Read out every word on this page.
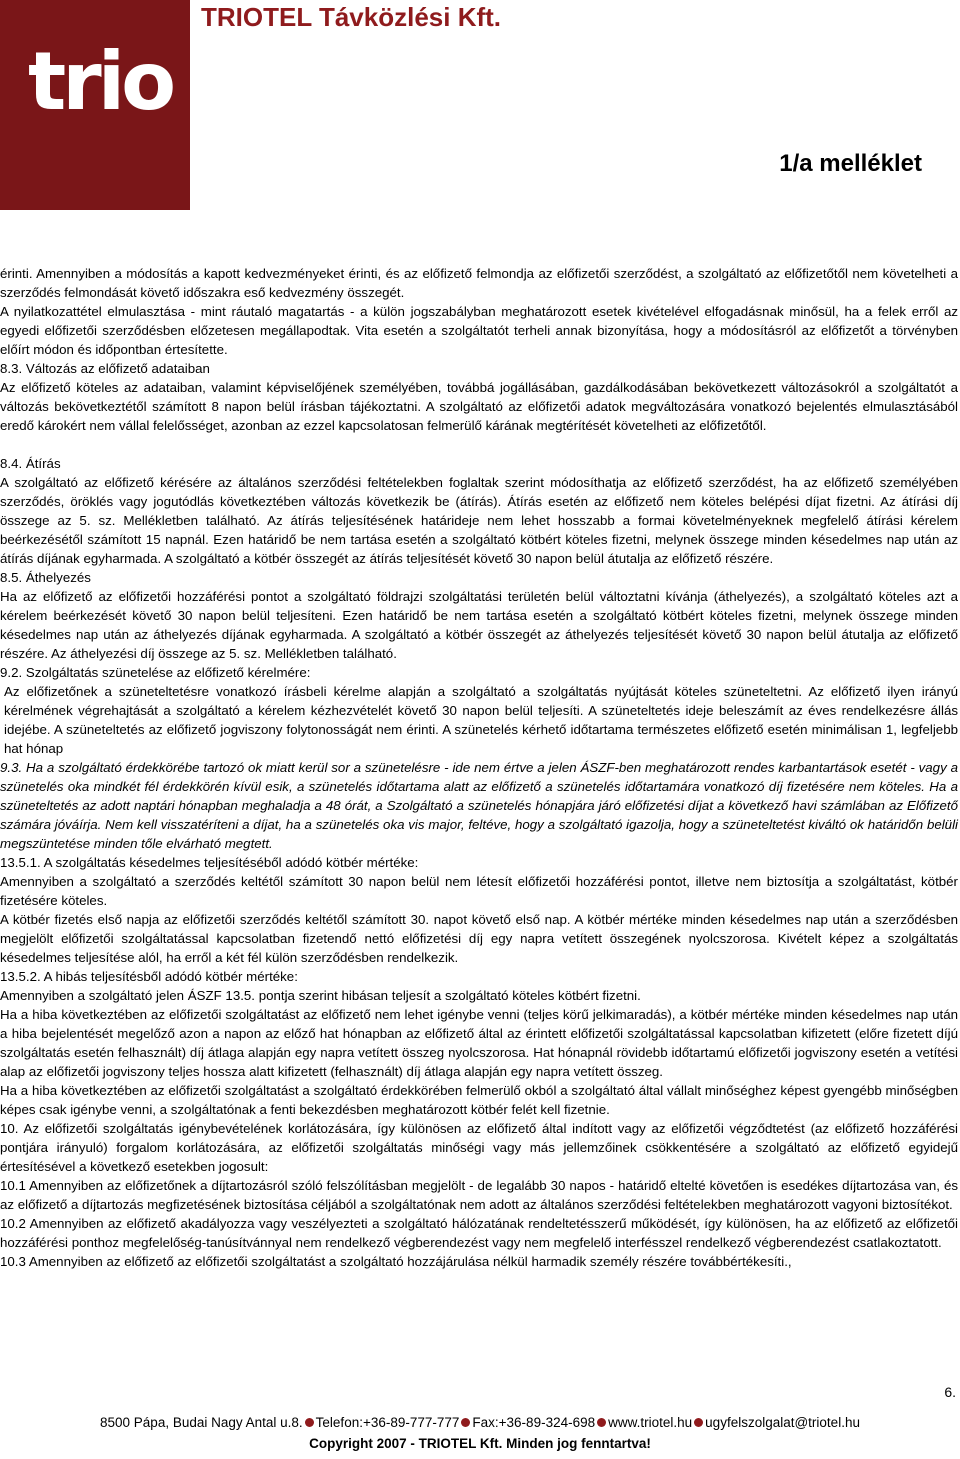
trio
TRIOTEL Távközlési Kft.
1/a melléklet

érinti. Amennyiben a módosítás a kapott kedvezményeket érinti, és az előfizető felmondja az előfizetői szerződést, a szolgáltató az előfizetőtől nem követelheti a szerződés felmondását követő időszakra eső kedvezmény összegét.

A nyilatkozattétel elmulasztása - mint ráutaló magatartás - a külön jogszabályban meghatározott esetek kivételével elfogadásnak minősül, ha a felek erről az egyedi előfizetői szerződésben előzetesen megállapodtak. Vita esetén a szolgáltatót terheli annak bizonyítása, hogy a módosításról az előfizetőt a törvényben előírt módon és időpontban értesítette.

8.3. Változás az előfizető adataiban

Az előfizető köteles az adataiban, valamint képviselőjének személyében, továbbá jogállásában, gazdálkodásában bekövetkezett változásokról a szolgáltatót a változás bekövetkeztétől számított 8 napon belül írásban tájékoztatni. A szolgáltató az előfizetői adatok megváltozására vonatkozó bejelentés elmulasztásából eredő károkért nem vállal felelősséget, azonban az ezzel kapcsolatosan felmerülő kárának megtérítését követelheti az előfizetőtől.

8.4. Átírás

A szolgáltató az előfizető kérésére az általános szerződési feltételekben foglaltak szerint módosíthatja az előfizető szerződést, ha az előfizető személyében szerződés, öröklés vagy jogutódlás következtében változás következik be (átírás). Átírás esetén az előfizető nem köteles belépési díjat fizetni. Az átírási díj összege az 5. sz. Mellékletben található. Az átírás teljesítésének határideje nem lehet hosszabb a formai követelményeknek megfelelő átírási kérelem beérkezésétől számított 15 napnál. Ezen határidő be nem tartása esetén a szolgáltató kötbért köteles fizetni, melynek összege minden késedelmes nap után az átírás díjának egyharmada. A szolgáltató a kötbér összegét az átírás teljesítését követő 30 napon belül átutalja az előfizető részére.

8.5. Áthelyezés

Ha az előfizető az előfizetői hozzáférési pontot a szolgáltató földrajzi szolgáltatási területén belül változtatni kívánja (áthelyezés), a szolgáltató köteles azt a kérelem beérkezését követő 30 napon belül teljesíteni. Ezen határidő be nem tartása esetén a szolgáltató kötbért köteles fizetni, melynek összege minden késedelmes nap után az áthelyezés díjának egyharmada. A szolgáltató a kötbér összegét az áthelyezés teljesítését követő 30 napon belül átutalja az előfizető részére. Az áthelyezési díj összege az 5. sz. Mellékletben található.

9.2. Szolgáltatás szünetelése az előfizető kérelmére:

Az előfizetőnek a szüneteltetésre vonatkozó írásbeli kérelme alapján a szolgáltató a szolgáltatás nyújtását köteles szüneteltetni. Az előfizető ilyen irányú kérelmének végrehajtását a szolgáltató a kérelem kézhezvételét követő 30 napon belül teljesíti. A szüneteltetés ideje beleszámít az éves rendelkezésre állás idejébe. A szüneteltetés az előfizető jogviszony folytonosságát nem érinti. A szünetelés kérhető időtartama természetes előfizető esetén minimálisan 1, legfeljebb hat hónap

9.3. Ha a szolgáltató érdekkörébe tartozó ok miatt kerül sor a szünetelésre - ide nem értve a jelen ÁSZF-ben meghatározott rendes karbantartások esetét - vagy a szünetelés oka mindkét fél érdekkörén kívül esik, a szünetelés időtartama alatt az előfizető a szünetelés időtartamára vonatkozó díj fizetésére nem köteles. Ha a szüneteltetés az adott naptári hónapban meghaladja a 48 órát, a Szolgáltató a szünetelés hónapjára járó előfizetési díjat a következő havi számlában az Előfizető számára jóváírja. Nem kell visszatéríteni a díjat, ha a szünetelés oka vis major, feltéve, hogy a szolgáltató igazolja, hogy a szüneteltetést kiváltó ok határidőn belüli megszüntetése minden tőle elvárható megtett.

13.5.1. A szolgáltatás késedelmes teljesítéséből adódó kötbér mértéke:

Amennyiben a szolgáltató a szerződés keltétől számított 30 napon belül nem létesít előfizetői hozzáférési pontot, illetve nem biztosítja a szolgáltatást, kötbér fizetésére köteles.

A kötbér fizetés első napja az előfizetői szerződés keltétől számított 30. napot követő első nap. A kötbér mértéke minden késedelmes nap után a szerződésben megjelölt előfizetői szolgáltatással kapcsolatban fizetendő nettó előfizetési díj egy napra vetített összegének nyolcszorosa. Kivételt képez a szolgáltatás késedelmes teljesítése alól, ha erről a két fél külön szerződésben rendelkezik.

13.5.2. A hibás teljesítésből adódó kötbér mértéke:

Amennyiben a szolgáltató jelen ÁSZF 13.5. pontja szerint hibásan teljesít a szolgáltató köteles kötbért fizetni.

Ha a hiba következtében az előfizetői szolgáltatást az előfizető nem lehet igénybe venni (teljes körű jelkimaradás), a kötbér mértéke minden késedelmes nap után a hiba bejelentését megelőző azon a napon az előző hat hónapban az előfizető által az érintett előfizetői szolgáltatással kapcsolatban kifizetett (előre fizetett díjú szolgáltatás esetén felhasznált) díj átlaga alapján egy napra vetített összeg nyolcszorosa. Hat hónapnál rövidebb időtartamú előfizetői jogviszony esetén a vetítési alap az előfizetői jogviszony teljes hossza alatt kifizetett (felhasznált) díj átlaga alapján egy napra vetített összeg.

Ha a hiba következtében az előfizetői szolgáltatást a szolgáltató érdekkörében felmerülő okból a szolgáltató által vállalt minőséghez képest gyengébb minőségben képes csak igénybe venni, a szolgáltatónak a fenti bekezdésben meghatározott kötbér felét kell fizetnie.

10. Az előfizetői szolgáltatás igénybevételének korlátozására, így különösen az előfizető által indított vagy az előfizetői végződtetést (az előfizető hozzáférési pontjára irányuló) forgalom korlátozására, az előfizetői szolgáltatás minőségi vagy más jellemzőinek csökkentésére a szolgáltató az előfizető egyidejű értesítésével a következő esetekben jogosult:

10.1 Amennyiben az előfizetőnek a díjtartozásról szóló felszólításban megjelölt - de legalább 30 napos - határidő eltelté követően is esedékes díjtartozása van, és az előfizető a díjtartozás megfizetésének biztosítása céljából a szolgáltatónak nem adott az általános szerződési feltételekben meghatározott vagyoni biztosítékot.

10.2 Amennyiben az előfizető akadályozza vagy veszélyezteti a szolgáltató hálózatának rendeltetésszerű működését, így különösen, ha az előfizető az előfizetői hozzáférési ponthoz megfelelőség-tanúsítvánnyal nem rendelkező végberendezést vagy nem megfelelő interfésszel rendelkező végberendezést csatlakoztatott.

10.3 Amennyiben az előfizető az előfizetői szolgáltatást a szolgáltató hozzájárulása nélkül harmadik személy részére továbbértékesíti.,

6.
8500 Pápa, Budai Nagy Antal u.8. Telefon:+36-89-777-777 Fax:+36-89-324-698 www.triotel.hu ugyfelszolgalat@triotel.hu
Copyright 2007 - TRIOTEL Kft. Minden jog fenntartva!
